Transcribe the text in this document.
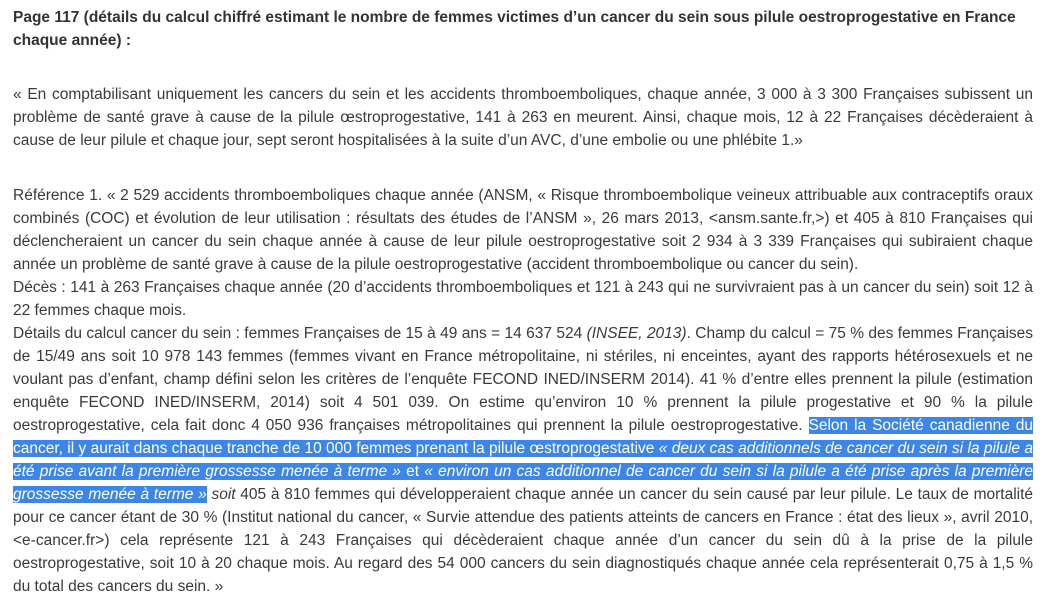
Page 117 (détails du calcul chiffré estimant le nombre de femmes victimes d’un cancer du sein sous pilule oestroprogestative en France chaque année) :

« En comptabilisant uniquement les cancers du sein et les accidents thromboemboliques, chaque année, 3 000 à 3 300 Françaises subissent un problème de santé grave à cause de la pilule œstroprogestative, 141 à 263 en meurent. Ainsi, chaque mois, 12 à 22 Françaises décèderaient à cause de leur pilule et chaque jour, sept seront hospitalisées à la suite d’un AVC, d’une embolie ou une phlébite 1.»

Référence 1. « 2 529 accidents thromboemboliques chaque année (ANSM, « Risque thromboembolique veineux attribuable aux contraceptifs oraux combinés (COC) et évolution de leur utilisation : résultats des études de l’ANSM », 26 mars 2013, <ansm.sante.fr,>) et 405 à 810 Françaises qui déclencheraient un cancer du sein chaque année à cause de leur pilule oestroprogestative soit 2 934 à 3 339 Françaises qui subiraient chaque année un problème de santé grave à cause de la pilule oestroprogestative (accident thromboembolique ou cancer du sein).

Décès : 141 à 263 Françaises chaque année (20 d’accidents thromboemboliques et 121 à 243 qui ne survivraient pas à un cancer du sein) soit 12 à 22 femmes chaque mois.

Détails du calcul cancer du sein : femmes Françaises de 15 à 49 ans = 14 637 524 (INSEE, 2013). Champ du calcul = 75 % des femmes Françaises de 15/49 ans soit 10 978 143 femmes (femmes vivant en France métropolitaine, ni stériles, ni enceintes, ayant des rapports hétérosexuels et ne voulant pas d’enfant, champ défini selon les critères de l’enquête FECOND INED/INSERM 2014). 41 % d’entre elles prennent la pilule (estimation enquête FECOND INED/INSERM, 2014) soit 4 501 039. On estime qu’environ 10 % prennent la pilule progestative et 90 % la pilule oestroprogestative, cela fait donc 4 050 936 françaises métropolitaines qui prennent la pilule oestroprogestative. Selon la Société canadienne du cancer, il y aurait dans chaque tranche de 10 000 femmes prenant la pilule œstroprogestative « deux cas additionnels de cancer du sein si la pilule a été prise avant la première grossesse menée à terme » et « environ un cas additionnel de cancer du sein si la pilule a été prise après la première grossesse menée à terme » soit 405 à 810 femmes qui développeraient chaque année un cancer du sein causé par leur pilule. Le taux de mortalité pour ce cancer étant de 30 % (Institut national du cancer, « Survie attendue des patients atteints de cancers en France : état des lieux », avril 2010, <e-cancer.fr>) cela représente 121 à 243 Françaises qui décèderaient chaque année d’un cancer du sein dû à la prise de la pilule oestroprogestative, soit 10 à 20 chaque mois. Au regard des 54 000 cancers du sein diagnostiqués chaque année cela représenterait 0,75 à 1,5 % du total des cancers du sein. »
